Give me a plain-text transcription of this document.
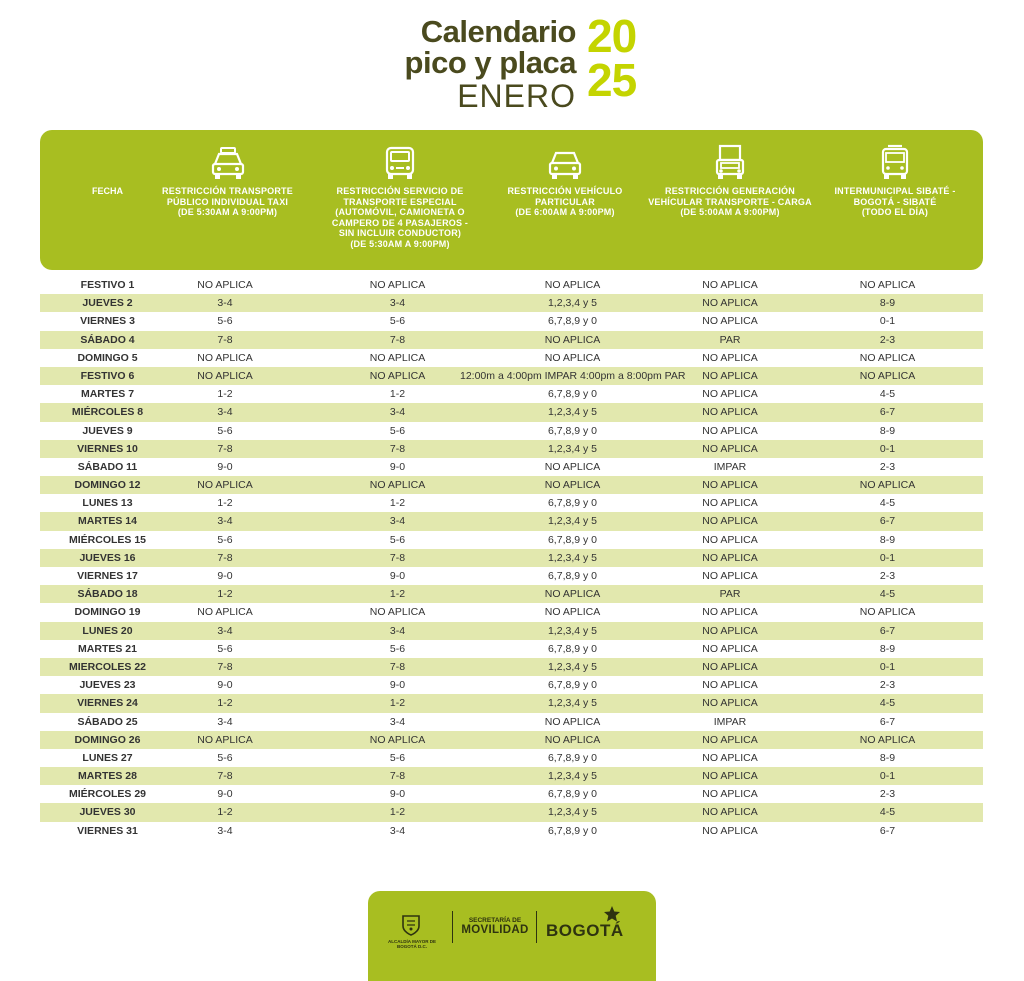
Calendario
pico y placa
ENERO
20
25
FECHA	RESTRICCIÓN TRANSPORTE PÚBLICO INDIVIDUAL TAXI
(DE 5:30AM A 9:00PM)
RESTRICCIÓN SERVICIO DE TRANSPORTE ESPECIAL (AUTOMÓVIL, CAMIONETA O CAMPERO DE 4 PASAJEROS -SIN INCLUIR CONDUCTOR)
(DE 5:30AM A 9:00PM)
RESTRICCIÓN VEHÍCULO PARTICULAR
(DE 6:00AM A 9:00PM)
RESTRICCIÓN GENERACIÓN VEHÍCULAR TRANSPORTE - CARGA
(DE 5:00AM A 9:00PM)
INTERMUNICIPAL SIBATÉ - BOGOTÁ - SIBATÉ
(TODO EL DÍA)
FESTIVO 1	NO APLICA	NO APLICA	NO APLICA	NO APLICA	NO APLICA
JUEVES 2	3-4	3-4	1,2,3,4 y 5	NO APLICA	8-9
VIERNES 3	5-6	5-6	6,7,8,9 y 0	NO APLICA	0-1
SÁBADO 4	7-8	7-8	NO APLICA	PAR	2-3
DOMINGO 5	NO APLICA	NO APLICA	NO APLICA	NO APLICA	NO APLICA
FESTIVO 6	NO APLICA	NO APLICA	12:00m a 4:00pm IMPAR 4:00pm a 8:00pm PAR	NO APLICA	NO APLICA
MARTES 7	1-2	1-2	6,7,8,9 y 0	NO APLICA	4-5
MIÉRCOLES 8	3-4	3-4	1,2,3,4 y 5	NO APLICA	6-7
JUEVES 9	5-6	5-6	6,7,8,9 y 0	NO APLICA	8-9
VIERNES 10	7-8	7-8	1,2,3,4 y 5	NO APLICA	0-1
SÁBADO 11	9-0	9-0	NO APLICA	IMPAR	2-3
DOMINGO 12	NO APLICA	NO APLICA	NO APLICA	NO APLICA	NO APLICA
LUNES 13	1-2	1-2	6,7,8,9 y 0	NO APLICA	4-5
MARTES 14	3-4	3-4	1,2,3,4 y 5	NO APLICA	6-7
MIÉRCOLES 15	5-6	5-6	6,7,8,9 y 0	NO APLICA	8-9
JUEVES 16	7-8	7-8	1,2,3,4 y 5	NO APLICA	0-1
VIERNES 17	9-0	9-0	6,7,8,9 y 0	NO APLICA	2-3
SÁBADO 18	1-2	1-2	NO APLICA	PAR	4-5
DOMINGO 19	NO APLICA	NO APLICA	NO APLICA	NO APLICA	NO APLICA
LUNES 20	3-4	3-4	1,2,3,4 y 5	NO APLICA	6-7
MARTES 21	5-6	5-6	6,7,8,9 y 0	NO APLICA	8-9
MIERCOLES 22	7-8	7-8	1,2,3,4 y 5	NO APLICA	0-1
JUEVES 23	9-0	9-0	6,7,8,9 y 0	NO APLICA	2-3
VIERNES 24	1-2	1-2	1,2,3,4 y 5	NO APLICA	4-5
SÁBADO 25	3-4	3-4	NO APLICA	IMPAR	6-7
DOMINGO 26	NO APLICA	NO APLICA	NO APLICA	NO APLICA	NO APLICA
LUNES 27	5-6	5-6	6,7,8,9 y 0	NO APLICA	8-9
MARTES 28	7-8	7-8	1,2,3,4 y 5	NO APLICA	0-1
MIÉRCOLES 29	9-0	9-0	6,7,8,9 y 0	NO APLICA	2-3
JUEVES 30	1-2	1-2	1,2,3,4 y 5	NO APLICA	4-5
VIERNES 31	3-4	3-4	6,7,8,9 y 0	NO APLICA	6-7
ALCALDÍA MAYOR DE BOGOTÁ D.C.
SECRETARÍA DE
MOVILIDAD BOGOTÁ
